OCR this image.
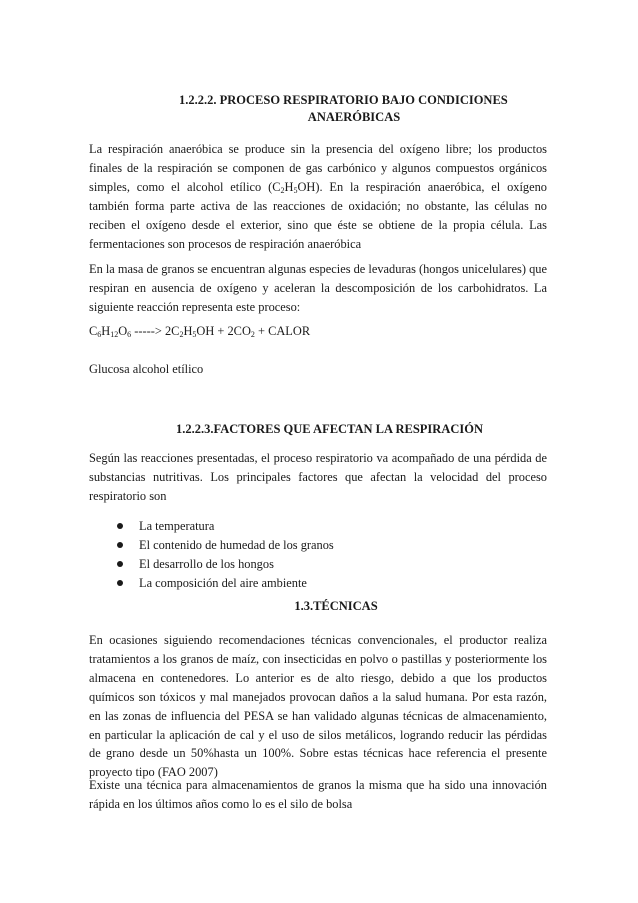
1.2.2.2. PROCESO RESPIRATORIO BAJO CONDICIONES
ANAERÓBICAS

La respiración anaeróbica se produce sin la presencia del oxígeno libre; los productos finales de la respiración se componen de gas carbónico y algunos compuestos orgánicos simples, como el alcohol etílico $(C_2H_5OH)$. En la respiración anaeróbica, el oxígeno también forma parte activa de las reacciones de oxidación; no obstante, las células no reciben el oxígeno desde el exterior, sino que éste se obtiene de la propia célula. Las fermentaciones son procesos de respiración anaeróbica

En la masa de granos se encuentran algunas especies de levaduras (hongos unicelulares) que respiran en ausencia de oxígeno y aceleran la descomposición de los carbohidratos. La siguiente reacción representa este proceso:

$C_6H_{12}O_6$ -----> $2C_2H_5OH + 2CO_2$ + CALOR

Glucosa alcohol etílico

1.2.2.3.FACTORES QUE AFECTAN LA RESPIRACIÓN

Según las reacciones presentadas, el proceso respiratorio va acompañado de una pérdida de substancias nutritivas. Los principales factores que afectan la velocidad del proceso respiratorio son

La temperatura
El contenido de humedad de los granos
El desarrollo de los hongos
La composición del aire ambiente
1.3.TÉCNICAS

En ocasiones siguiendo recomendaciones técnicas convencionales, el productor realiza tratamientos a los granos de maíz, con insecticidas en polvo o pastillas y posteriormente los almacena en contenedores. Lo anterior es de alto riesgo, debido a que los productos químicos son tóxicos y mal manejados provocan daños a la salud humana. Por esta razón, en las zonas de influencia del PESA se han validado algunas técnicas de almacenamiento, en particular la aplicación de cal y el uso de silos metálicos, logrando reducir las pérdidas de grano desde un 50%hasta un 100%. Sobre estas técnicas hace referencia el presente proyecto tipo (FAO 2007)

Existe una técnica para almacenamientos de granos la misma que ha sido una innovación rápida en los últimos años como lo es el silo de bolsa
